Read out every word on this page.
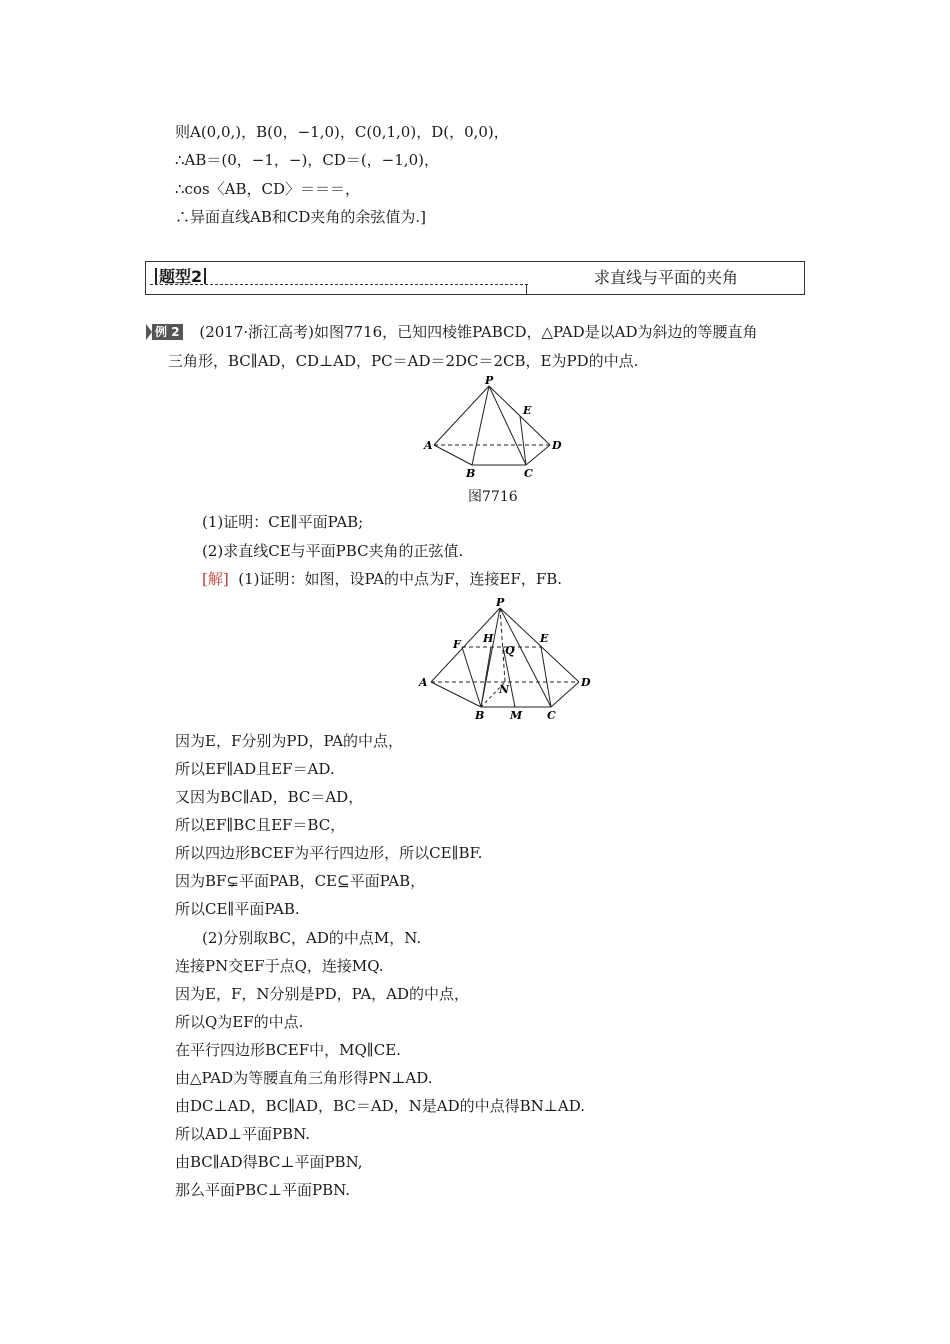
则A(0,0,)，B(0，−1,0)，C(0,1,0)，D(，0,0)，
∴AB＝(0，−1，−)，CD＝(，−1,0)，
∴cos〈AB，CD〉＝＝＝，
∴异面直线AB和CD夹角的余弦值为.]
题型2	求直线与平面的夹角
例 2 (2017·浙江高考)如图7716，已知四棱锥PABCD，△PAD是以AD为斜边的等腰直角
三角形，BC∥AD，CD⊥AD，PC＝AD＝2DC＝2CB，E为PD的中点.
P
E
A	D
B	C
图7716
(1)证明：CE∥平面PAB;
(2)求直线CE与平面PBC夹角的正弦值.
[解] (1)证明：如图，设PA的中点为F，连接EF，FB.
P
F H	E
Q
A	D
N
B M C
因为E，F分别为PD，PA的中点，
所以EF∥AD且EF＝AD.
又因为BC∥AD，BC＝AD，
所以EF∥BC且EF＝BC，
所以四边形BCEF为平行四边形，所以CE∥BF.
因为BF⊊平面PAB，CE⊆平面PAB，
所以CE∥平面PAB.
(2)分别取BC，AD的中点M，N.
连接PN交EF于点Q，连接MQ.
因为E，F，N分别是PD，PA，AD的中点，
所以Q为EF的中点.
在平行四边形BCEF中，MQ∥CE.
由△PAD为等腰直角三角形得PN⊥AD.
由DC⊥AD，BC∥AD，BC＝AD，N是AD的中点得BN⊥AD.
所以AD⊥平面PBN.
由BC∥AD得BC⊥平面PBN,
那么平面PBC⊥平面PBN.
